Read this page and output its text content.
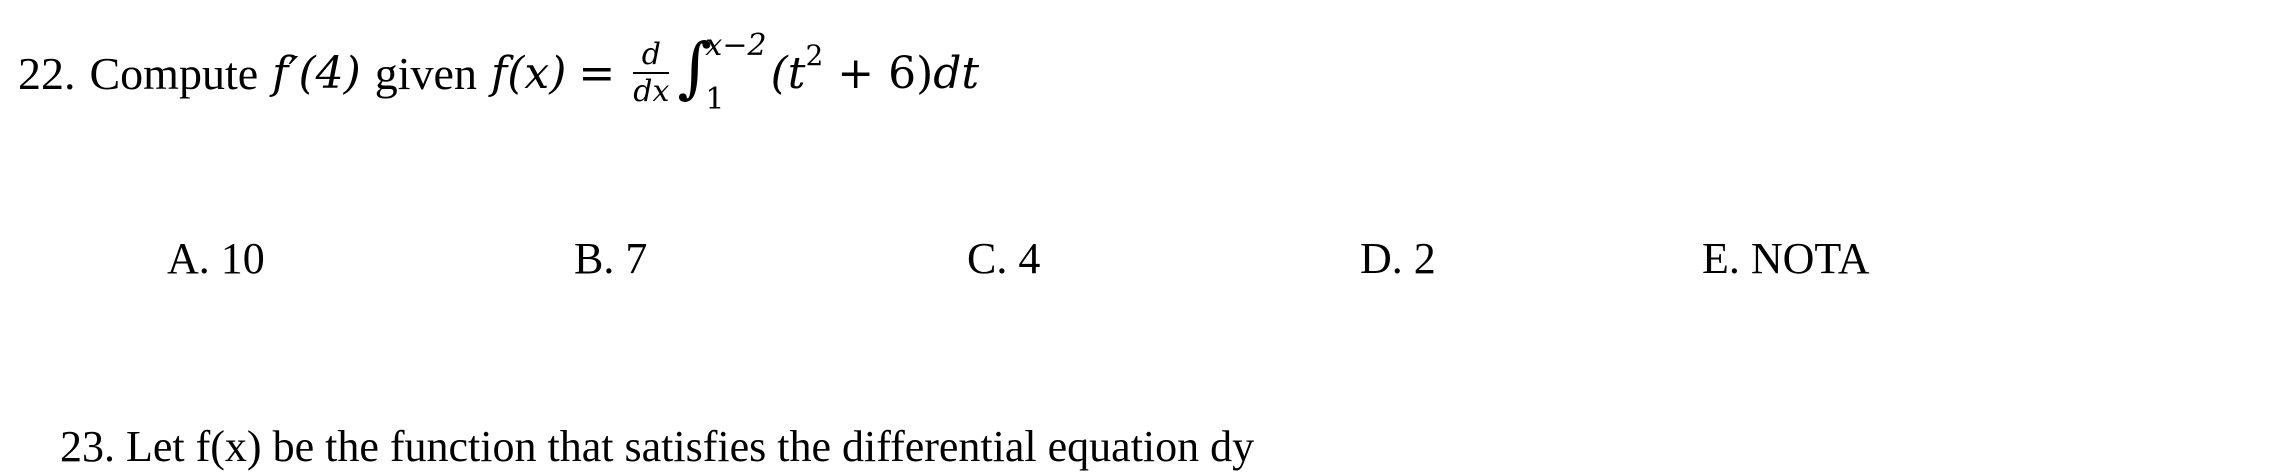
22. Compute f′(4) given $f(x) = \frac{d}{dx}$ ∫
x−2
1
(t 2 + 6) dt
A. 10	B. 7	C. 4	D. 2	E. NOTA
23. Let f(x) be the function that satisfies the differential equation dy
